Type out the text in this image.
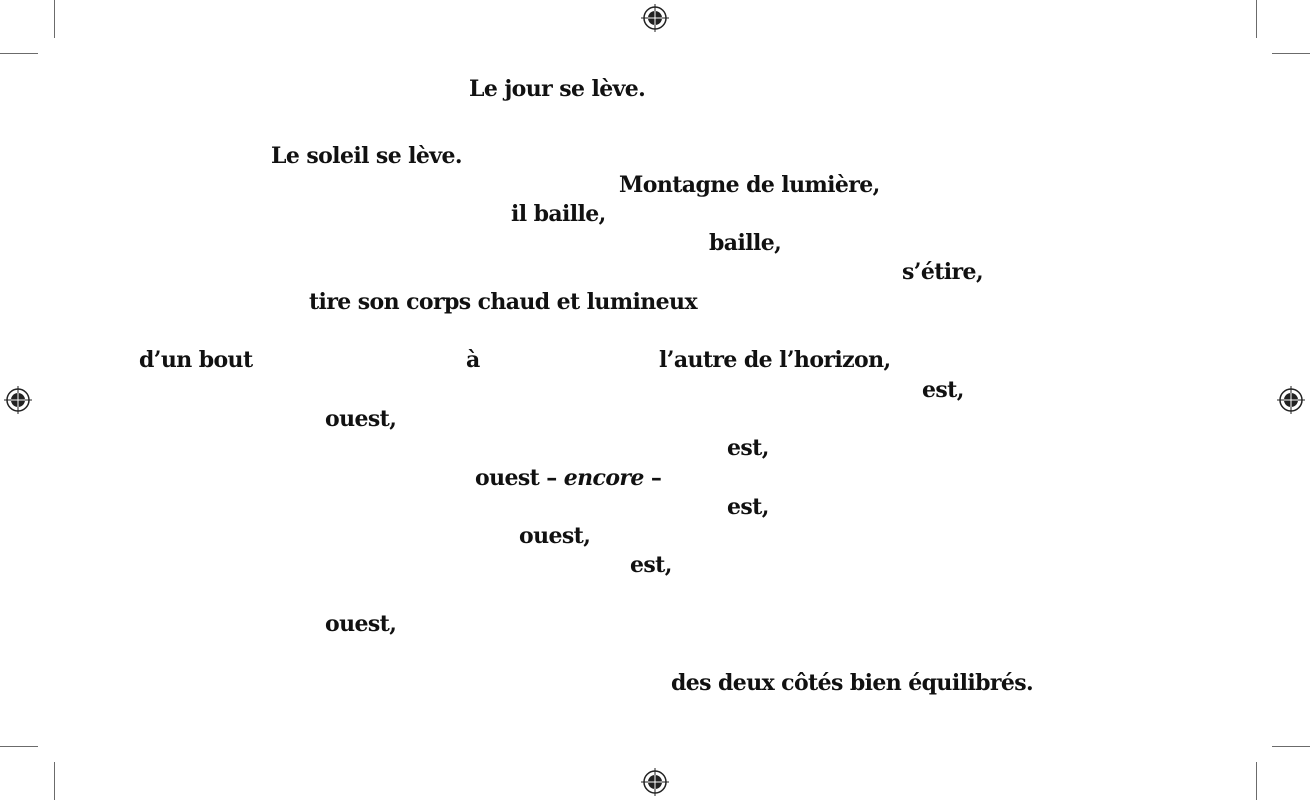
Le jour se lève.
Le soleil se lève.
Montagne de lumière,
il baille,
baille,
s’étire,
tire son corps chaud et lumineux
d’un bout	à	l’autre de l’horizon,
est,
ouest,
est,
ouest – encore –
est,
ouest,
est,
ouest,
des deux côtés bien équilibrés.
